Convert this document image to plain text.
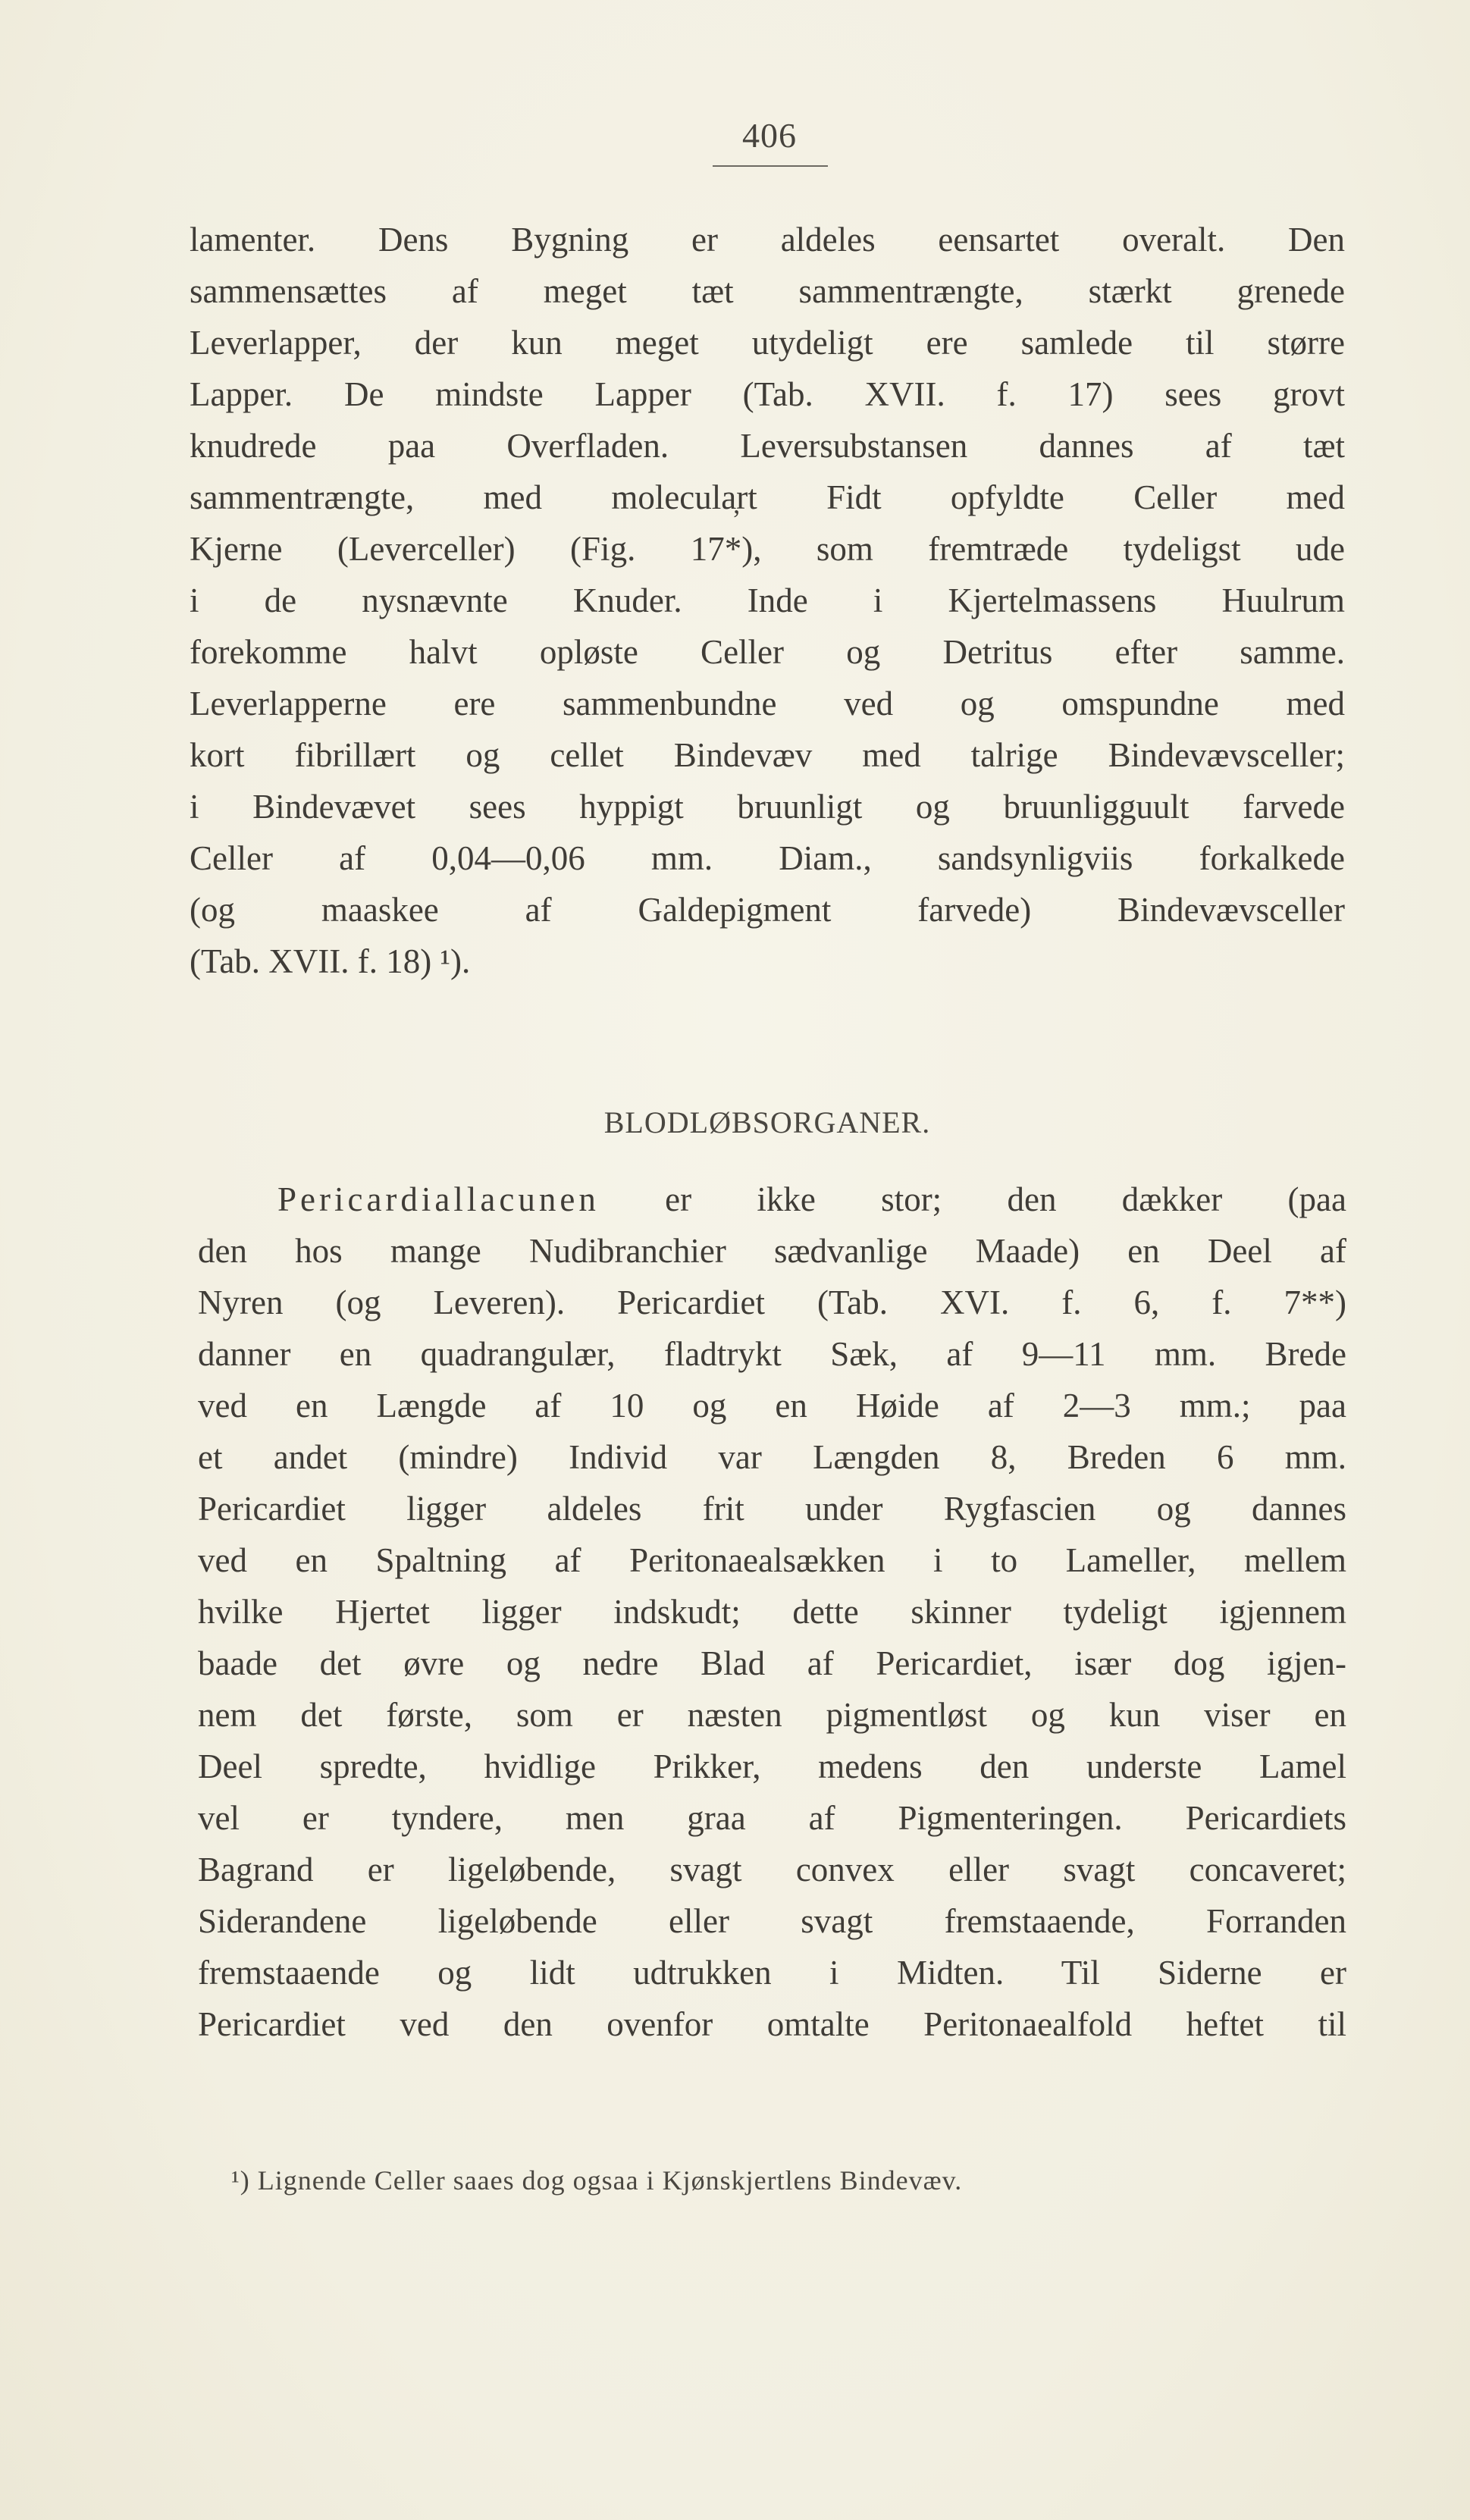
406
lamenter. Dens Bygning er aldeles eensartet overalt. Den
sammensættes af meget tæt sammentrængte, stærkt grenede
Leverlapper, der kun meget utydeligt ere samlede til større
Lapper. De mindste Lapper (Tab. XVII. f. 17) sees grovt
knudrede paa Overfladen. Leversubstansen dannes af tæt
sammentrængte, med molecula̦rt Fidt opfyldte Celler med
Kjerne (Leverceller) (Fig. 17*), som fremtræde tydeligst ude
i de nysnævnte Knuder. Inde i Kjertelmassens Huulrum
forekomme halvt opløste Celler og Detritus efter samme.
Leverlapperne ere sammenbundne ved og omspundne med
kort fibrillært og cellet Bindevæv med talrige Bindevævsceller;
i Bindevævet sees hyppigt bruunligt og bruunligguult farvede
Celler af 0,04—0,06 mm. Diam., sandsynligviis forkalkede
(og maaskee af Galdepigment farvede) Bindevævsceller
(Tab. XVII. f. 18) ¹).
BLODLØBSORGANER.
Pericardiallacunen er ikke stor; den dækker (paa
den hos mange Nudibranchier sædvanlige Maade) en Deel af
Nyren (og Leveren). Pericardiet (Tab. XVI. f. 6, f. 7**)
danner en quadrangulær, fladtrykt Sæk, af 9—11 mm. Brede
ved en Længde af 10 og en Høide af 2—3 mm.; paa
et andet (mindre) Individ var Længden 8, Breden 6 mm.
Pericardiet ligger aldeles frit under Rygfascien og dannes
ved en Spaltning af Peritonaealsækken i to Lameller, mellem
hvilke Hjertet ligger indskudt; dette skinner tydeligt igjennem
baade det øvre og nedre Blad af Pericardiet, især dog igjen-
nem det første, som er næsten pigmentløst og kun viser en
Deel spredte, hvidlige Prikker, medens den underste Lamel
vel er tyndere, men graa af Pigmenteringen. Pericardiets
Bagrand er ligeløbende, svagt convex eller svagt concaveret;
Siderandene ligeløbende eller svagt fremstaaende, Forranden
fremstaaende og lidt udtrukken i Midten. Til Siderne er
Pericardiet ved den ovenfor omtalte Peritonaealfold heftet til
¹) Lignende Celler saaes dog ogsaa i Kjønskjertlens Bindevæv.
